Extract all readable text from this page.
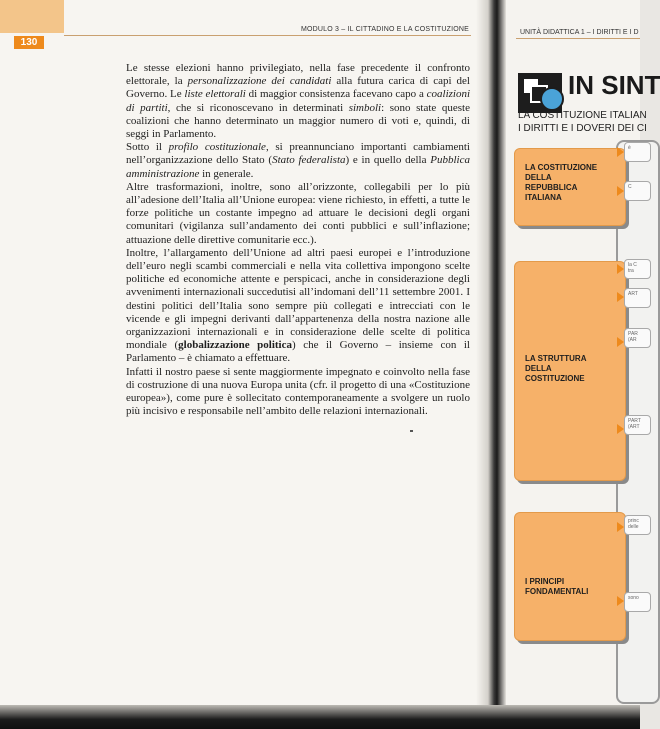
130
MODULO 3 – IL CITTADINO E LA COSTITUZIONE

Le stesse elezioni hanno privilegiato, nella fase precedente il confronto elettorale, la personalizzazione dei candidati alla futura carica di capi del Governo. Le liste elettorali di maggior consistenza facevano capo a coalizioni di partiti, che si riconoscevano in determinati simboli: sono state queste coalizioni che hanno determinato un maggior numero di voti e, quindi, di seggi in Parlamento.

Sotto il profilo costituzionale, si preannunciano importanti cambiamenti nell’organizzazione dello Stato (Stato federalista) e in quello della Pubblica amministrazione in generale.

Altre trasformazioni, inoltre, sono all’orizzonte, collegabili per lo più all’adesione dell’Italia all’Unione europea: viene richiesto, in effetti, a tutte le forze politiche un costante impegno ad attuare le decisioni degli organi comunitari (vigilanza sull’andamento dei conti pubblici e sull’inflazione; attuazione delle direttive comunitarie ecc.).

Inoltre, l’allargamento dell’Unione ad altri paesi europei e l’introduzione dell’euro negli scambi commerciali e nella vita collettiva impongono scelte politiche ed economiche attente e perspicaci, anche in considerazione degli avvenimenti internazionali succedutisi all’indomani dell’11 settembre 2001. I destini politici dell’Italia sono sempre più collegati e intrecciati con le vicende e gli impegni derivanti dall’appartenenza della nostra nazione alle organizzazioni internazionali e in considerazione delle scelte di politica mondiale (globalizzazione politica) che il Governo – insieme con il Parlamento – è chiamato a effettuare.

Infatti il nostro paese si sente maggiormente impegnato e coinvolto nella fase di costruzione di una nuova Europa unita (cfr. il progetto di una «Costituzione europea»), come pure è sollecitato contemporaneamente a svolgere un ruolo più incisivo e responsabile nell’ambito delle relazioni internazionali.

UNITÀ DIDATTICA 1 – I DIRITTI E I D
IN SINT
LA COSTITUZIONE ITALIAN
I DIRITTI E I DOVERI DEI CI
LA COSTITUZIONE
DELLA
REPUBBLICA
ITALIANA
LA STRUTTURA
DELLA
COSTITUZIONE
I PRINCIPI
FONDAMENTALI
è
C
la C
tra
ART
PAR
(AR
PART
(ART
princ
delle
sono
